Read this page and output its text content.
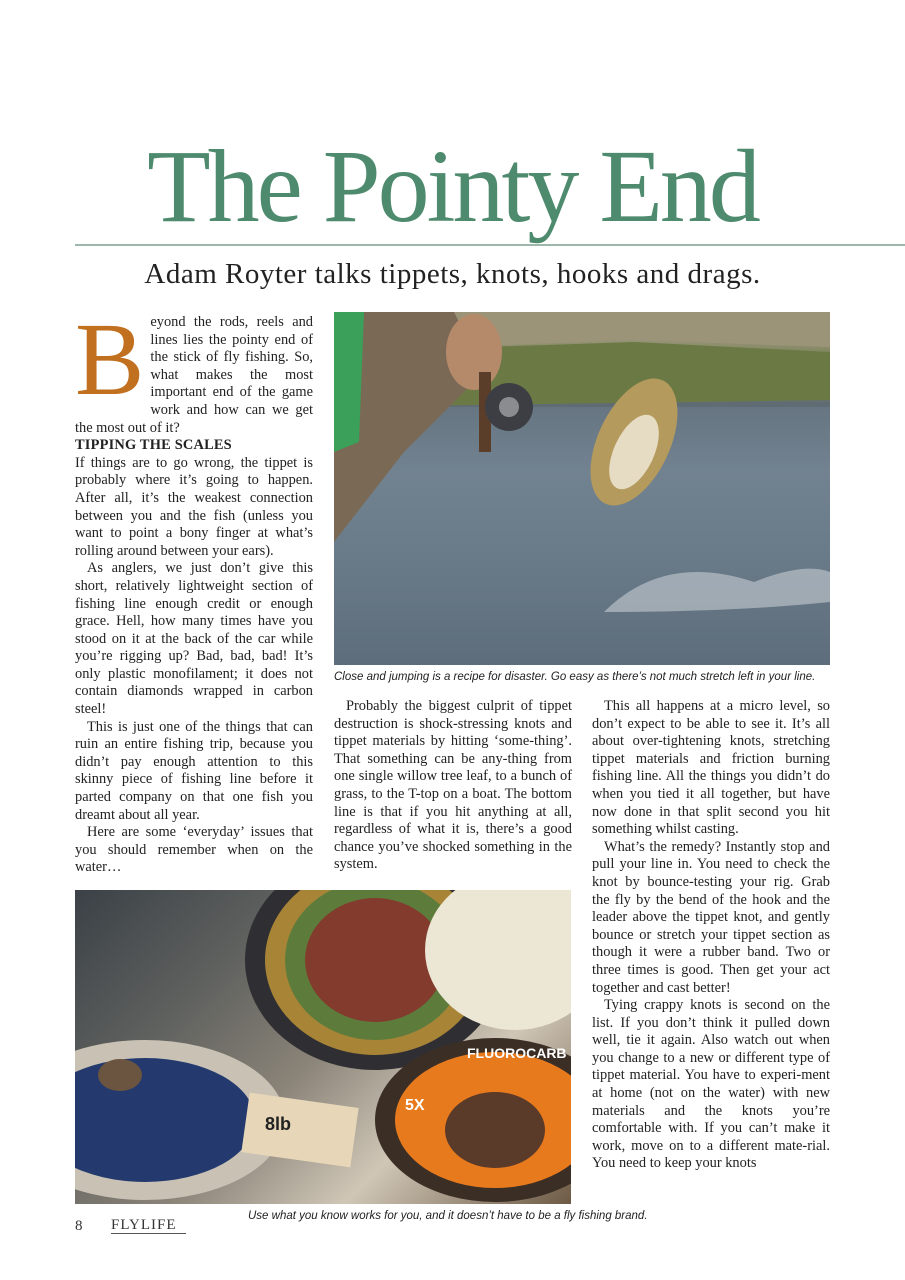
The Pointy End
Adam Royter talks tippets, knots, hooks and drags.
B eyond the rods, reels and lines lies the pointy end of the stick of fly fishing. So, what makes the most important end of the game work and how can we get the most out of it?

TIPPING THE SCALES

If things are to go wrong, the tippet is probably where it’s going to happen. After all, it’s the weakest connection between you and the fish (unless you want to point a bony finger at what’s rolling around between your ears).

As anglers, we just don’t give this short, relatively lightweight section of fishing line enough credit or enough grace. Hell, how many times have you stood on it at the back of the car while you’re rigging up? Bad, bad, bad! It’s only plastic monofilament; it does not contain diamonds wrapped in carbon steel!

This is just one of the things that can ruin an entire fishing trip, because you didn’t pay enough attention to this skinny piece of fishing line before it parted company on that one fish you dreamt about all year.

Here are some ‘everyday’ issues that you should remember when on the water…

Close and jumping is a recipe for disaster. Go easy as there’s not much stretch left in your line.

Probably the biggest culprit of tippet destruction is shock-stressing knots and tippet materials by hitting ‘some-thing’. That something can be any-thing from one single willow tree leaf, to a bunch of grass, to the T-top on a boat. The bottom line is that if you hit anything at all, regardless of what it is, there’s a good chance you’ve shocked something in the system.

This all happens at a micro level, so don’t expect to be able to see it. It’s all about over-tightening knots, stretching tippet materials and friction burning fishing line. All the things you didn’t do when you tied it all together, but have now done in that split second you hit something whilst casting.

What’s the remedy? Instantly stop and pull your line in. You need to check the knot by bounce-testing your rig. Grab the fly by the bend of the hook and the leader above the tippet knot, and gently bounce or stretch your tippet section as though it were a rubber band. Two or three times is good. Then get your act together and cast better!

Tying crappy knots is second on the list. If you don’t think it pulled down well, tie it again. Also watch out when you change to a new or different type of tippet material. You have to experi-ment at home (not on the water) with new materials and the knots you’re comfortable with. If you can’t make it work, move on to a different mate-rial. You need to keep your knots

FLUOROCARB
5X
8lb

Use what you know works for you, and it doesn’t have to be a fly fishing brand.

8 FLYLIFE
